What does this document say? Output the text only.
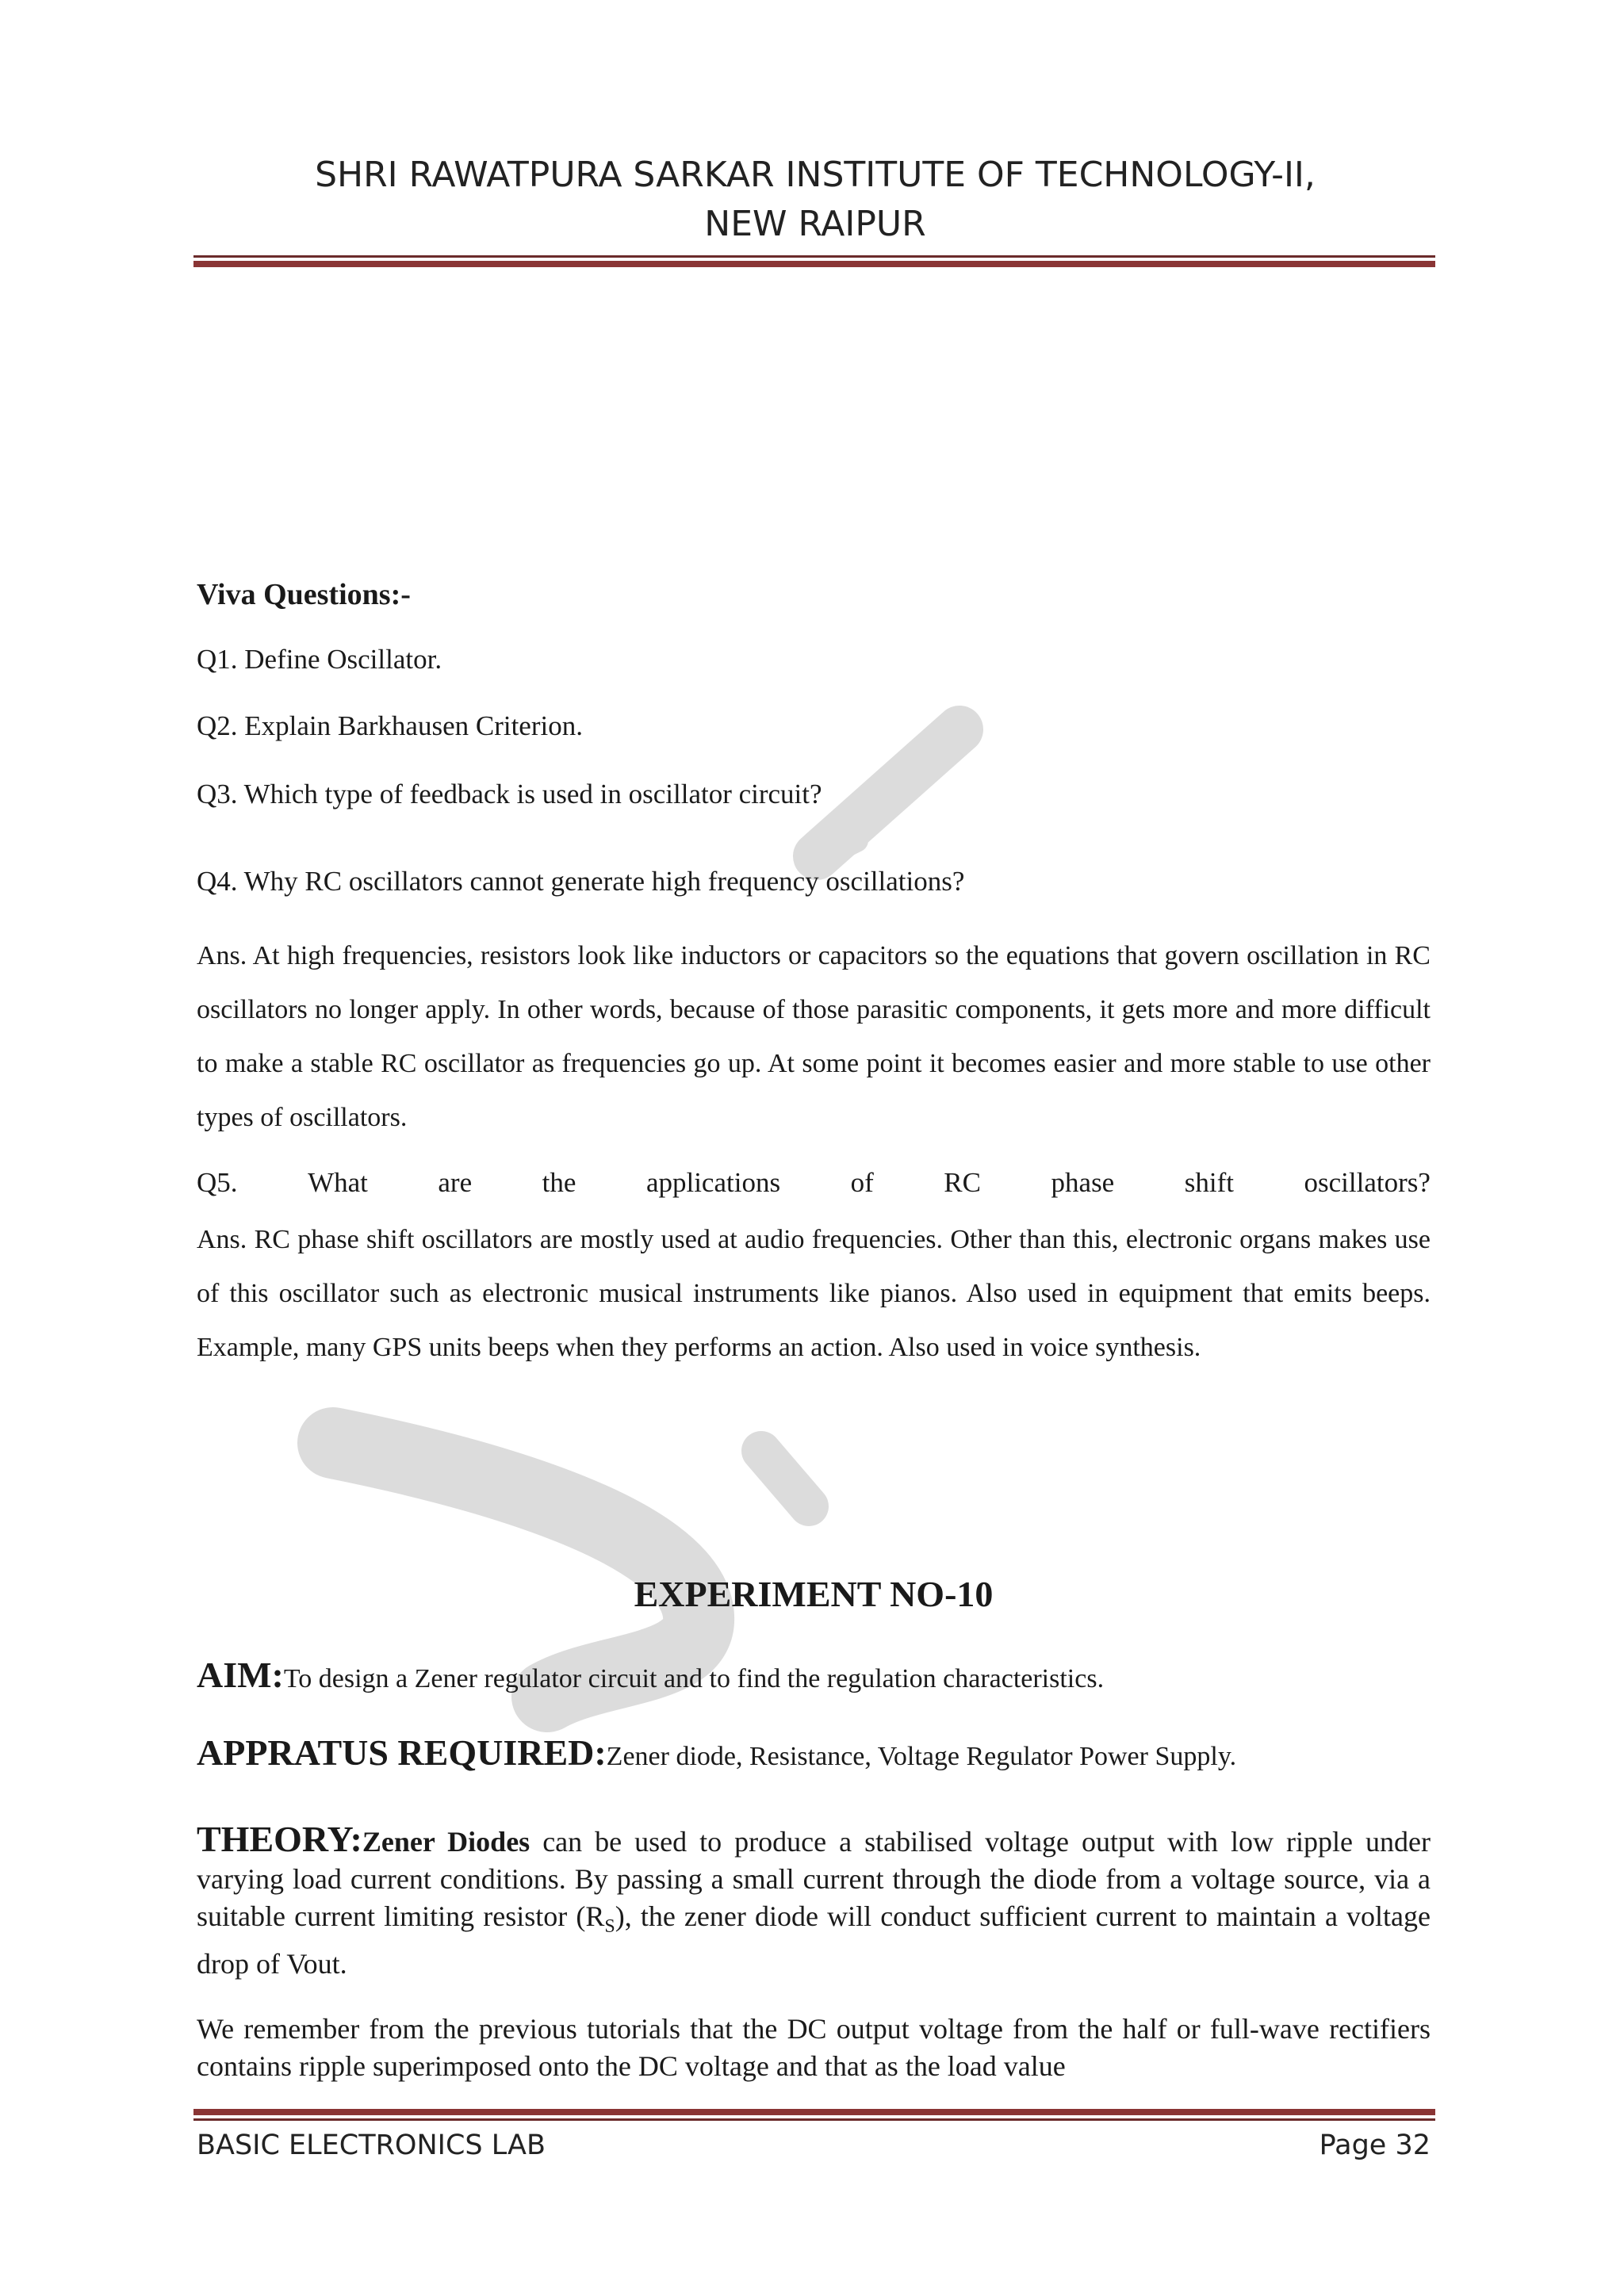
SHRI RAWATPURA SARKAR INSTITUTE OF TECHNOLOGY-II,
NEW RAIPUR
Viva Questions:-
Q1. Define Oscillator.
Q2. Explain Barkhausen Criterion.
Q3. Which type of feedback is used in oscillator circuit?
Q4. Why RC oscillators cannot generate high frequency oscillations?

Ans. At high frequencies, resistors look like inductors or capacitors so the equations that govern oscillation in RC oscillators no longer apply. In other words, because of those parasitic components, it gets more and more difficult to make a stable RC oscillator as frequencies go up. At some point it becomes easier and more stable to use other types of oscillators.

Q5.	What	are	the	applications	of	RC	phase	shift	oscillators?

Ans. RC phase shift oscillators are mostly used at audio frequencies. Other than this, electronic organs makes use of this oscillator such as electronic musical instruments like pianos. Also used in equipment that emits beeps. Example, many GPS units beeps when they performs an action. Also used in voice synthesis.

EXPERIMENT NO-10
AIM:To design a Zener regulator circuit and to find the regulation characteristics.
APPRATUS REQUIRED:Zener diode, Resistance, Voltage Regulator Power Supply.
THEORY:Zener Diodes can be used to produce a stabilised voltage output with low ripple under varying load current conditions. By passing a small current through the diode from a voltage source, via a suitable current limiting resistor $(R_S)$, the zener diode will conduct sufficient current to maintain a voltage drop of Vout.
We remember from the previous tutorials that the DC output voltage from the half or full-wave rectifiers contains ripple superimposed onto the DC voltage and that as the load value
BASIC ELECTRONICS LAB	Page 32
